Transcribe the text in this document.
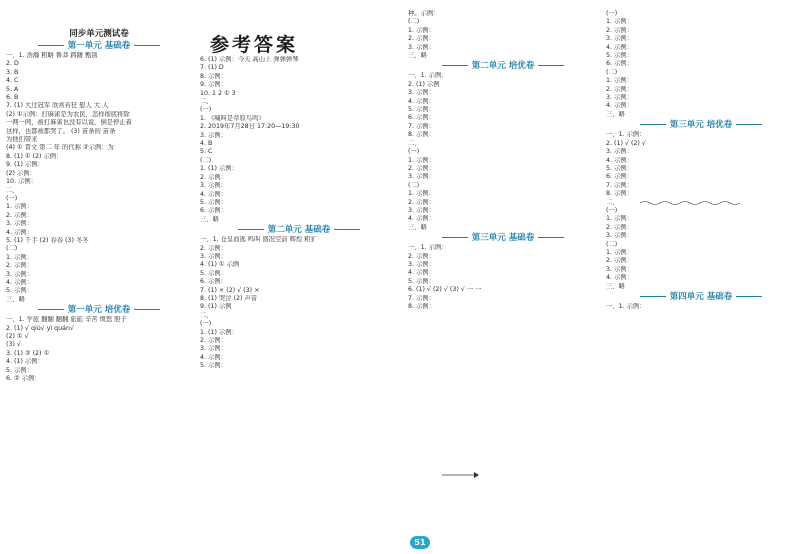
参考答案
同步单元测试卷
第一单元 基础卷
一、1. 浩瀚 粗略 鲁莽 踌躇 甄别
2. D
3. B
4. C
5. A
6. B
7. (1) 大过冠军 欣喜若狂 慰人 大 人
(2) ①示例：打麻雀是为农民，怎样彻底将除
一网一网，被打麻雀也没有以说，倒是停止着
这样，也都被都哭了。 (3) 苗条的 苗条
为他们带来
(4) ① 晋文 第二 年 的代称 ②示例：为
8. (1) ① (2) 示例：
9. (1) 示例：
(2) 示例：
10. 示例：
二、
(一)
1. 示例：
2. 示例：
3. 示例：
4. 示例：
5. (1) 千手 (2) 春春 (3) 冬冬
(二)
1. 示例：
2. 示例：
3. 示例：
4. 示例：
5. 示例：
三、略
第一单元 培优卷
一、1. 学旅 翻翻 翻翻 旅旅 辛苦 愤怒 胆子
2. (1) √ qiú√ yì quán√
(2) ① √
(3) √
3. (1) ② (2) ①
4. (1) 示例：
5. 示例：
6. ② 示例：
6. (1) 示例：今天 高山上 弹弹弹琴
7. (1) D
8. 示例：
9. 示例：
10. 1 2 ① 3
二、
(一)
1. 《喊叫是草原鸟鸣》
2. 2019年7月28日 17:20—19:30
3. 示例：
4. B
5. C
(二)
1. (1) 示例：
2. 示例：
3. 示例：
4. 示例：
5. 示例：
6. 示例：
三、略
第二单元 基础卷
一、1. 仓皇而逃 鸣叫 盛况空前 辉煌 粗犷
2. 示例：
3. 示例：
4. (1) ① 示例
5. 示例：
6. 示例：
7. (1) × (2) √ (3) ×
8. (1) 哭泣 (2) 声音
9. (1) 示例
二、
(一)
1. (1) 示例：
2. 示例：
3. 示例：
4. 示例：
5. 示例：
种。示例：
(二)
1. 示例：
2. 示例：
3. 示例：
三、略
第二单元 培优卷
一、1. 示例：
2. (1) 示例
3. 示例：
4. 示例：
5. 示例：
6. 示例：
7. 示例：
8. 示例：
二、
(一)
1. 示例：
2. 示例：
3. 示例：
(二)
1. 示例：
2. 示例：
3. 示例：
4. 示例：
三、略
第三单元 基础卷
一、1. 示例：
2. 示例：
3. 示例：
4. 示例：
5. 示例：
6. (1) √ (2) √ (3) √ 一 一
7. 示例：
8. 示例：
(一)
1. 示例：
2. 示例：
3. 示例：
4. 示例：
5. 示例：
6. 示例：
(二)
1. 示例：
2. 示例：
3. 示例：
4. 示例：
三、略
第三单元 培优卷
一、1. 示例：
2. (1) √ (2) √
3. 示例：
4. 示例：
5. 示例：
6. 示例：
7. 示例：
8. 示例：
二、
(一)
1. 示例：
2. 示例：
3. 示例：
(二)
1. 示例：
2. 示例：
3. 示例：
4. 示例：
三、略
第四单元 基础卷
一、1. 示例：
51
